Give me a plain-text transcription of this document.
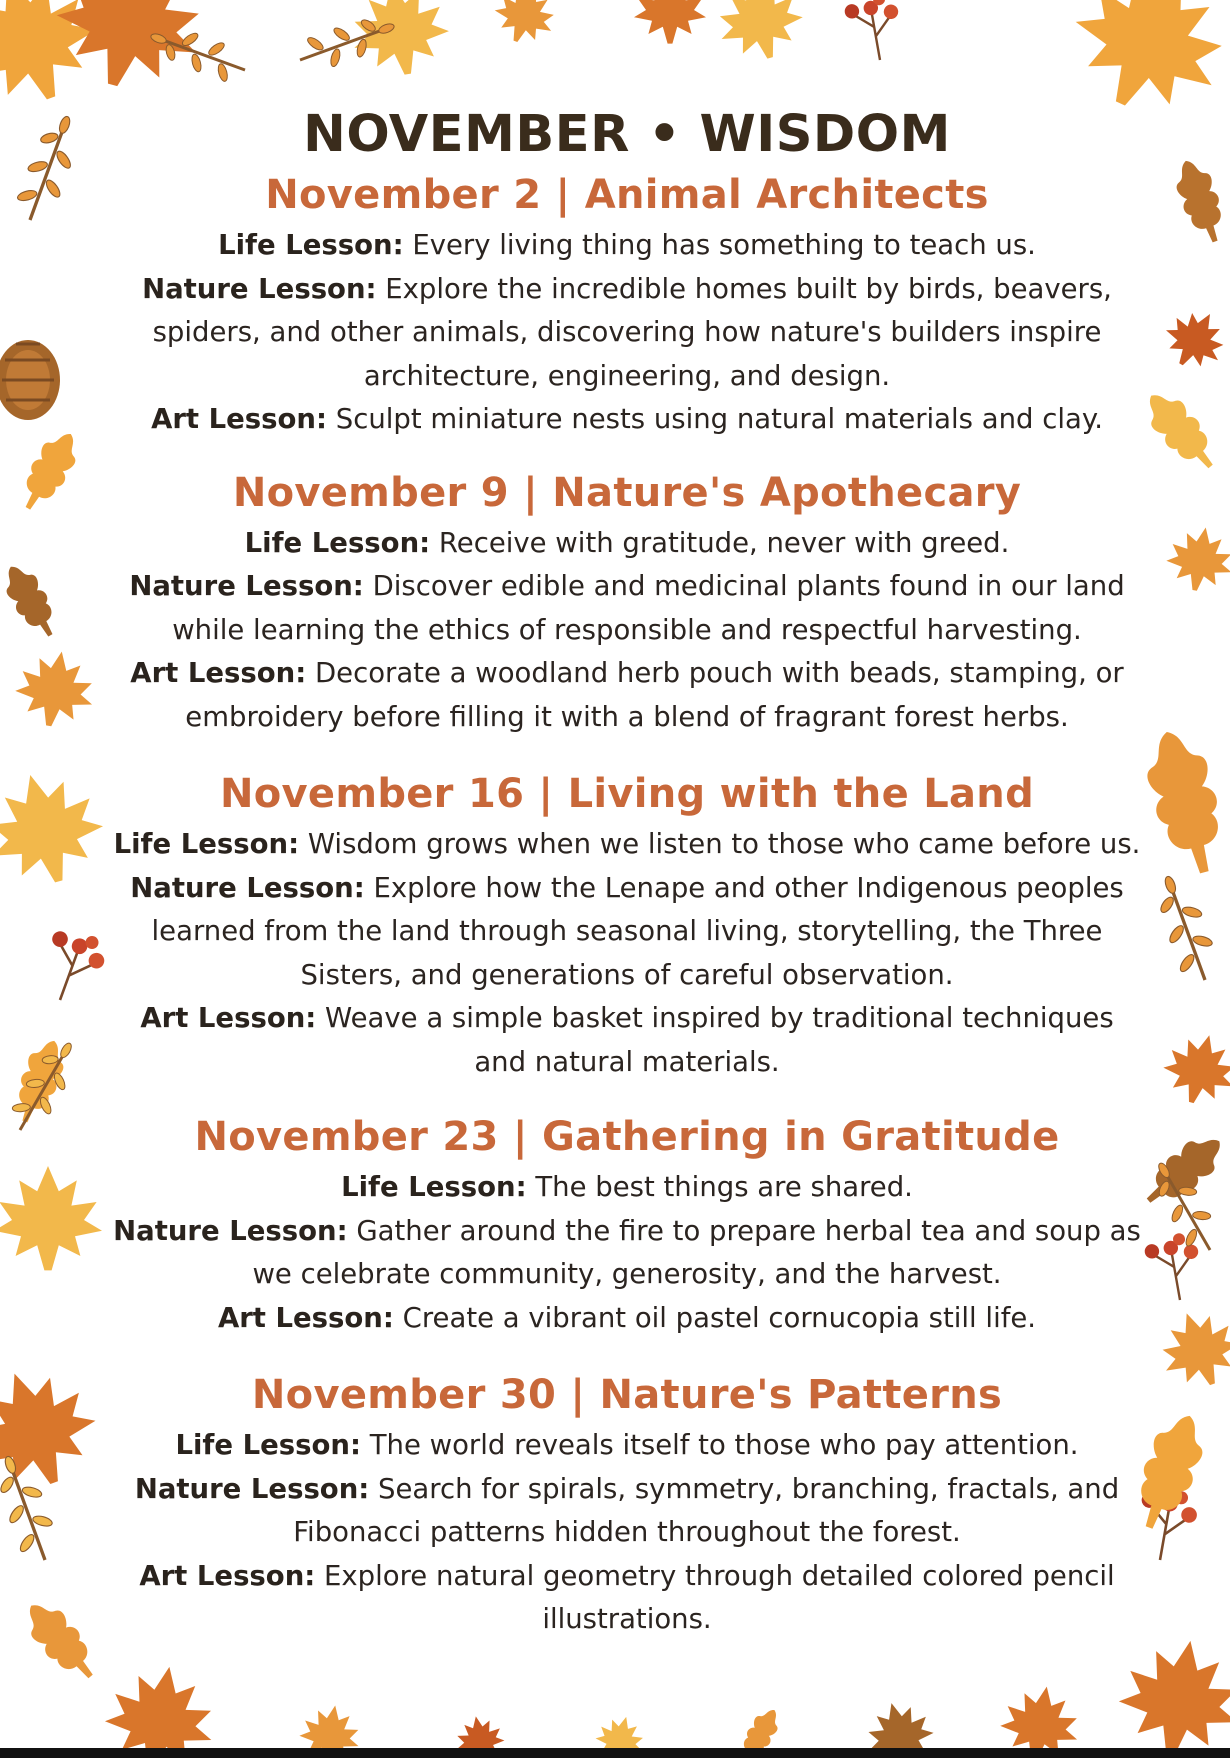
NOVEMBER • WISDOM
November 2 | Animal Architects

Life Lesson: Every living thing has something to teach us.

Nature Lesson: Explore the incredible homes built by birds, beavers, spiders, and other animals, discovering how nature's builders inspire architecture, engineering, and design.

Art Lesson: Sculpt miniature nests using natural materials and clay.

November 9 | Nature's Apothecary

Life Lesson: Receive with gratitude, never with greed.

Nature Lesson: Discover edible and medicinal plants found in our land while learning the ethics of responsible and respectful harvesting.

Art Lesson: Decorate a woodland herb pouch with beads, stamping, or embroidery before filling it with a blend of fragrant forest herbs.

November 16 | Living with the Land

Life Lesson: Wisdom grows when we listen to those who came before us.

Nature Lesson: Explore how the Lenape and other Indigenous peoples learned from the land through seasonal living, storytelling, the Three Sisters, and generations of careful observation.

Art Lesson: Weave a simple basket inspired by traditional techniques and natural materials.

November 23 | Gathering in Gratitude

Life Lesson: The best things are shared.

Nature Lesson: Gather around the fire to prepare herbal tea and soup as we celebrate community, generosity, and the harvest.

Art Lesson: Create a vibrant oil pastel cornucopia still life.

November 30 | Nature's Patterns

Life Lesson: The world reveals itself to those who pay attention.

Nature Lesson: Search for spirals, symmetry, branching, fractals, and Fibonacci patterns hidden throughout the forest.

Art Lesson: Explore natural geometry through detailed colored pencil illustrations.
